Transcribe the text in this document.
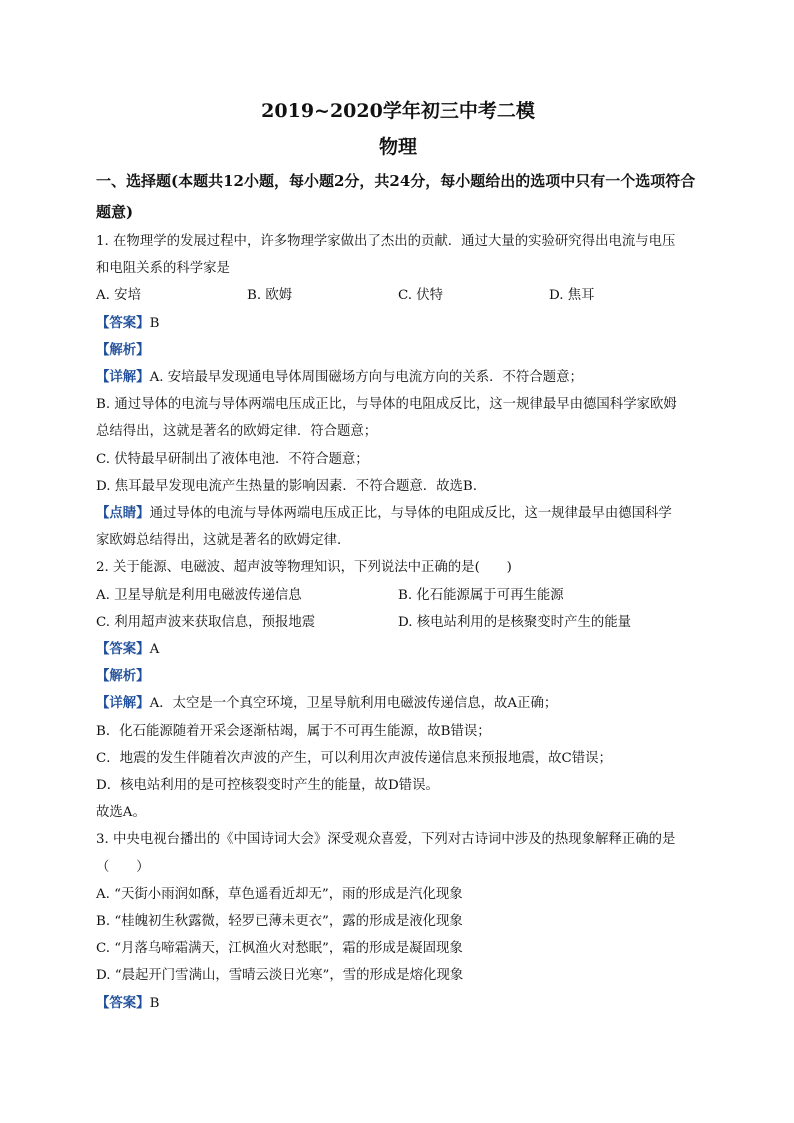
2019~2020学年初三中考二模
物理
一、选择题(本题共12小题，每小题2分，共24分，每小题给出的选项中只有一个选项符合题意)

1. 在物理学的发展过程中，许多物理学家做出了杰出的贡献．通过大量的实验研究得出电流与电压

和电阻关系的科学家是

A. 安培	B. 欧姆	C. 伏特	D. 焦耳

【 答案 】 B

【 解析 】

【 详解 】 A. 安培最早发现通电导体周围磁场方向与电流方向的关系．不符合题意；

B. 通过导体的电流与导体两端电压成正比，与导体的电阻成反比，这一规律最早由德国科学家欧姆

总结得出，这就是著名的欧姆定律．符合题意；

C. 伏特最早研制出了液体电池．不符合题意；

D. 焦耳最早发现电流产生热量的影响因素．不符合题意．故选B.

【 点睛 】 通过导体的电流与导体两端电压成正比，与导体的电阻成反比，这一规律最早由德国科学

家欧姆总结得出，这就是著名的欧姆定律．

2. 关于能源、电磁波、超声波等物理知识，下列说法中正确的是(　　)

A. 卫星导航是利用电磁波传递信息	B. 化石能源属于可再生能源
C. 利用超声波来获取信息，预报地震	D. 核电站利用的是核聚变时产生的能量

【 答案 】 A

【 解析 】

【 详解 】 A．太空是一个真空环境，卫星导航利用电磁波传递信息，故A正确；

B．化石能源随着开采会逐渐枯竭，属于不可再生能源，故B错误；

C．地震的发生伴随着次声波的产生，可以利用次声波传递信息来预报地震，故C错误；

D．核电站利用的是可控核裂变时产生的能量，故D错误。

故选A。

3. 中央电视台播出的《中国诗词大会》深受观众喜爱，下列对古诗词中涉及的热现象解释正确的是

（　　）

A. “天街小雨润如酥，草色遥看近却无”，雨的形成是汽化现象

B. “桂魄初生秋露微，轻罗已薄未更衣”，露的形成是液化现象

C. “月落乌啼霜满天，江枫渔火对愁眠”，霜的形成是凝固现象

D. “晨起开门雪满山，雪晴云淡日光寒”，雪的形成是熔化现象

【 答案 】 B
